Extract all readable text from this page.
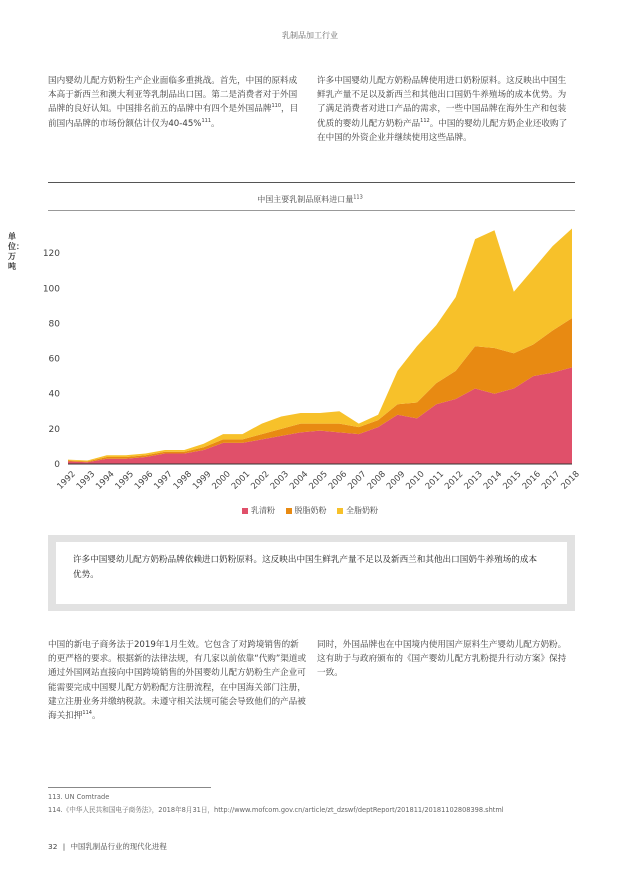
乳制品加工行业
国内婴幼儿配方奶粉生产企业面临多重挑战。首先，中国的原料成本高于新西兰和澳大利亚等乳制品出口国。第二是消费者对于外国品牌的良好认知。中国排名前五的品牌中有四个是外国品牌$^{110}$，目前国内品牌的市场份额估计仅为40-45%$^{111}$。
许多中国婴幼儿配方奶粉品牌使用进口奶粉原料。这反映出中国生鲜乳产量不足以及新西兰和其他出口国奶牛养殖场的成本优势。为了满足消费者对进口产品的需求，一些中国品牌在海外生产和包装优质的婴幼儿配方奶粉产品$^{112}$。中国的婴幼儿配方奶企业还收购了在中国的外资企业并继续使用这些品牌。
中国主要乳制品原料进口量$^{113}$
单位：万吨
0
20
40
60
80
100
120
1992
1993
1994
1995
1996
1997
1998
1999
2000
2001
2002
2003
2004
2005
2006
2007
2008
2009
2010
2011
2012
2013
2014
2015
2016
2017
2018
乳清粉
脱脂奶粉
全脂奶粉
许多中国婴幼儿配方奶粉品牌依赖进口奶粉原料。这反映出中国生鲜乳产量不足以及新西兰和其他出口国奶牛养殖场的成本优势。
中国的新电子商务法于2019年1月生效。它包含了对跨境销售的新的更严格的要求。根据新的法律法规，有几家以前依靠“代购”渠道或通过外国网站直接向中国跨境销售的外国婴幼儿配方奶粉生产企业可能需要完成中国婴儿配方奶粉配方注册流程，在中国海关部门注册，建立注册业务并缴纳税款。未遵守相关法规可能会导致他们的产品被海关扣押$^{114}$。
同时，外国品牌也在中国境内使用国产原料生产婴幼儿配方奶粉。这有助于与政府颁布的《国产婴幼儿配方乳粉提升行动方案》保持一致。
113. UN Comtrade
114.《中华人民共和国电子商务法》，2018年8月31日，http://www.mofcom.gov.cn/article/zt_dzswf/deptReport/201811/20181102808398.shtml
32 | 中国乳制品行业的现代化进程
